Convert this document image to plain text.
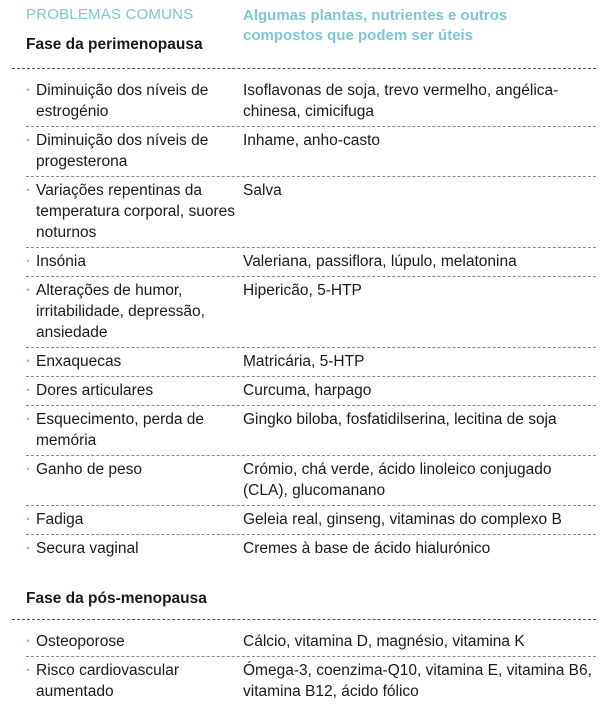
PROBLEMAS COMUNS	Algumas plantas, nutrientes e outros compostos que podem ser úteis
Fase da perimenopausa
· Diminuição dos níveis de estrogénio
Isoflavonas de soja, trevo vermelho, angélica-chinesa, cimicifuga
· Diminuição dos níveis de progesterona
Inhame, anho-casto
· Variações repentinas da temperatura corporal, suores noturnos
Salva
· Insónia	Valeriana, passiflora, lúpulo, melatonina
· Alterações de humor, irritabilidade, depressão, ansiedade
Hipericão, 5-HTP
· Enxaquecas	Matricária, 5-HTP
· Dores articulares	Curcuma, harpago
· Esquecimento, perda de memória
Gingko biloba, fosfatidilserina, lecitina de soja
· Ganho de peso	Crómio, chá verde, ácido linoleico conjugado (CLA), glucomanano
· Fadiga	Geleia real, ginseng, vitaminas do complexo B
· Secura vaginal	Cremes à base de ácido hialurónico
Fase da pós-menopausa
· Osteoporose	Cálcio, vitamina D, magnésio, vitamina K
· Risco cardiovascular aumentado
Ómega-3, coenzima-Q10, vitamina E, vitamina B6, vitamina B12, ácido fólico
